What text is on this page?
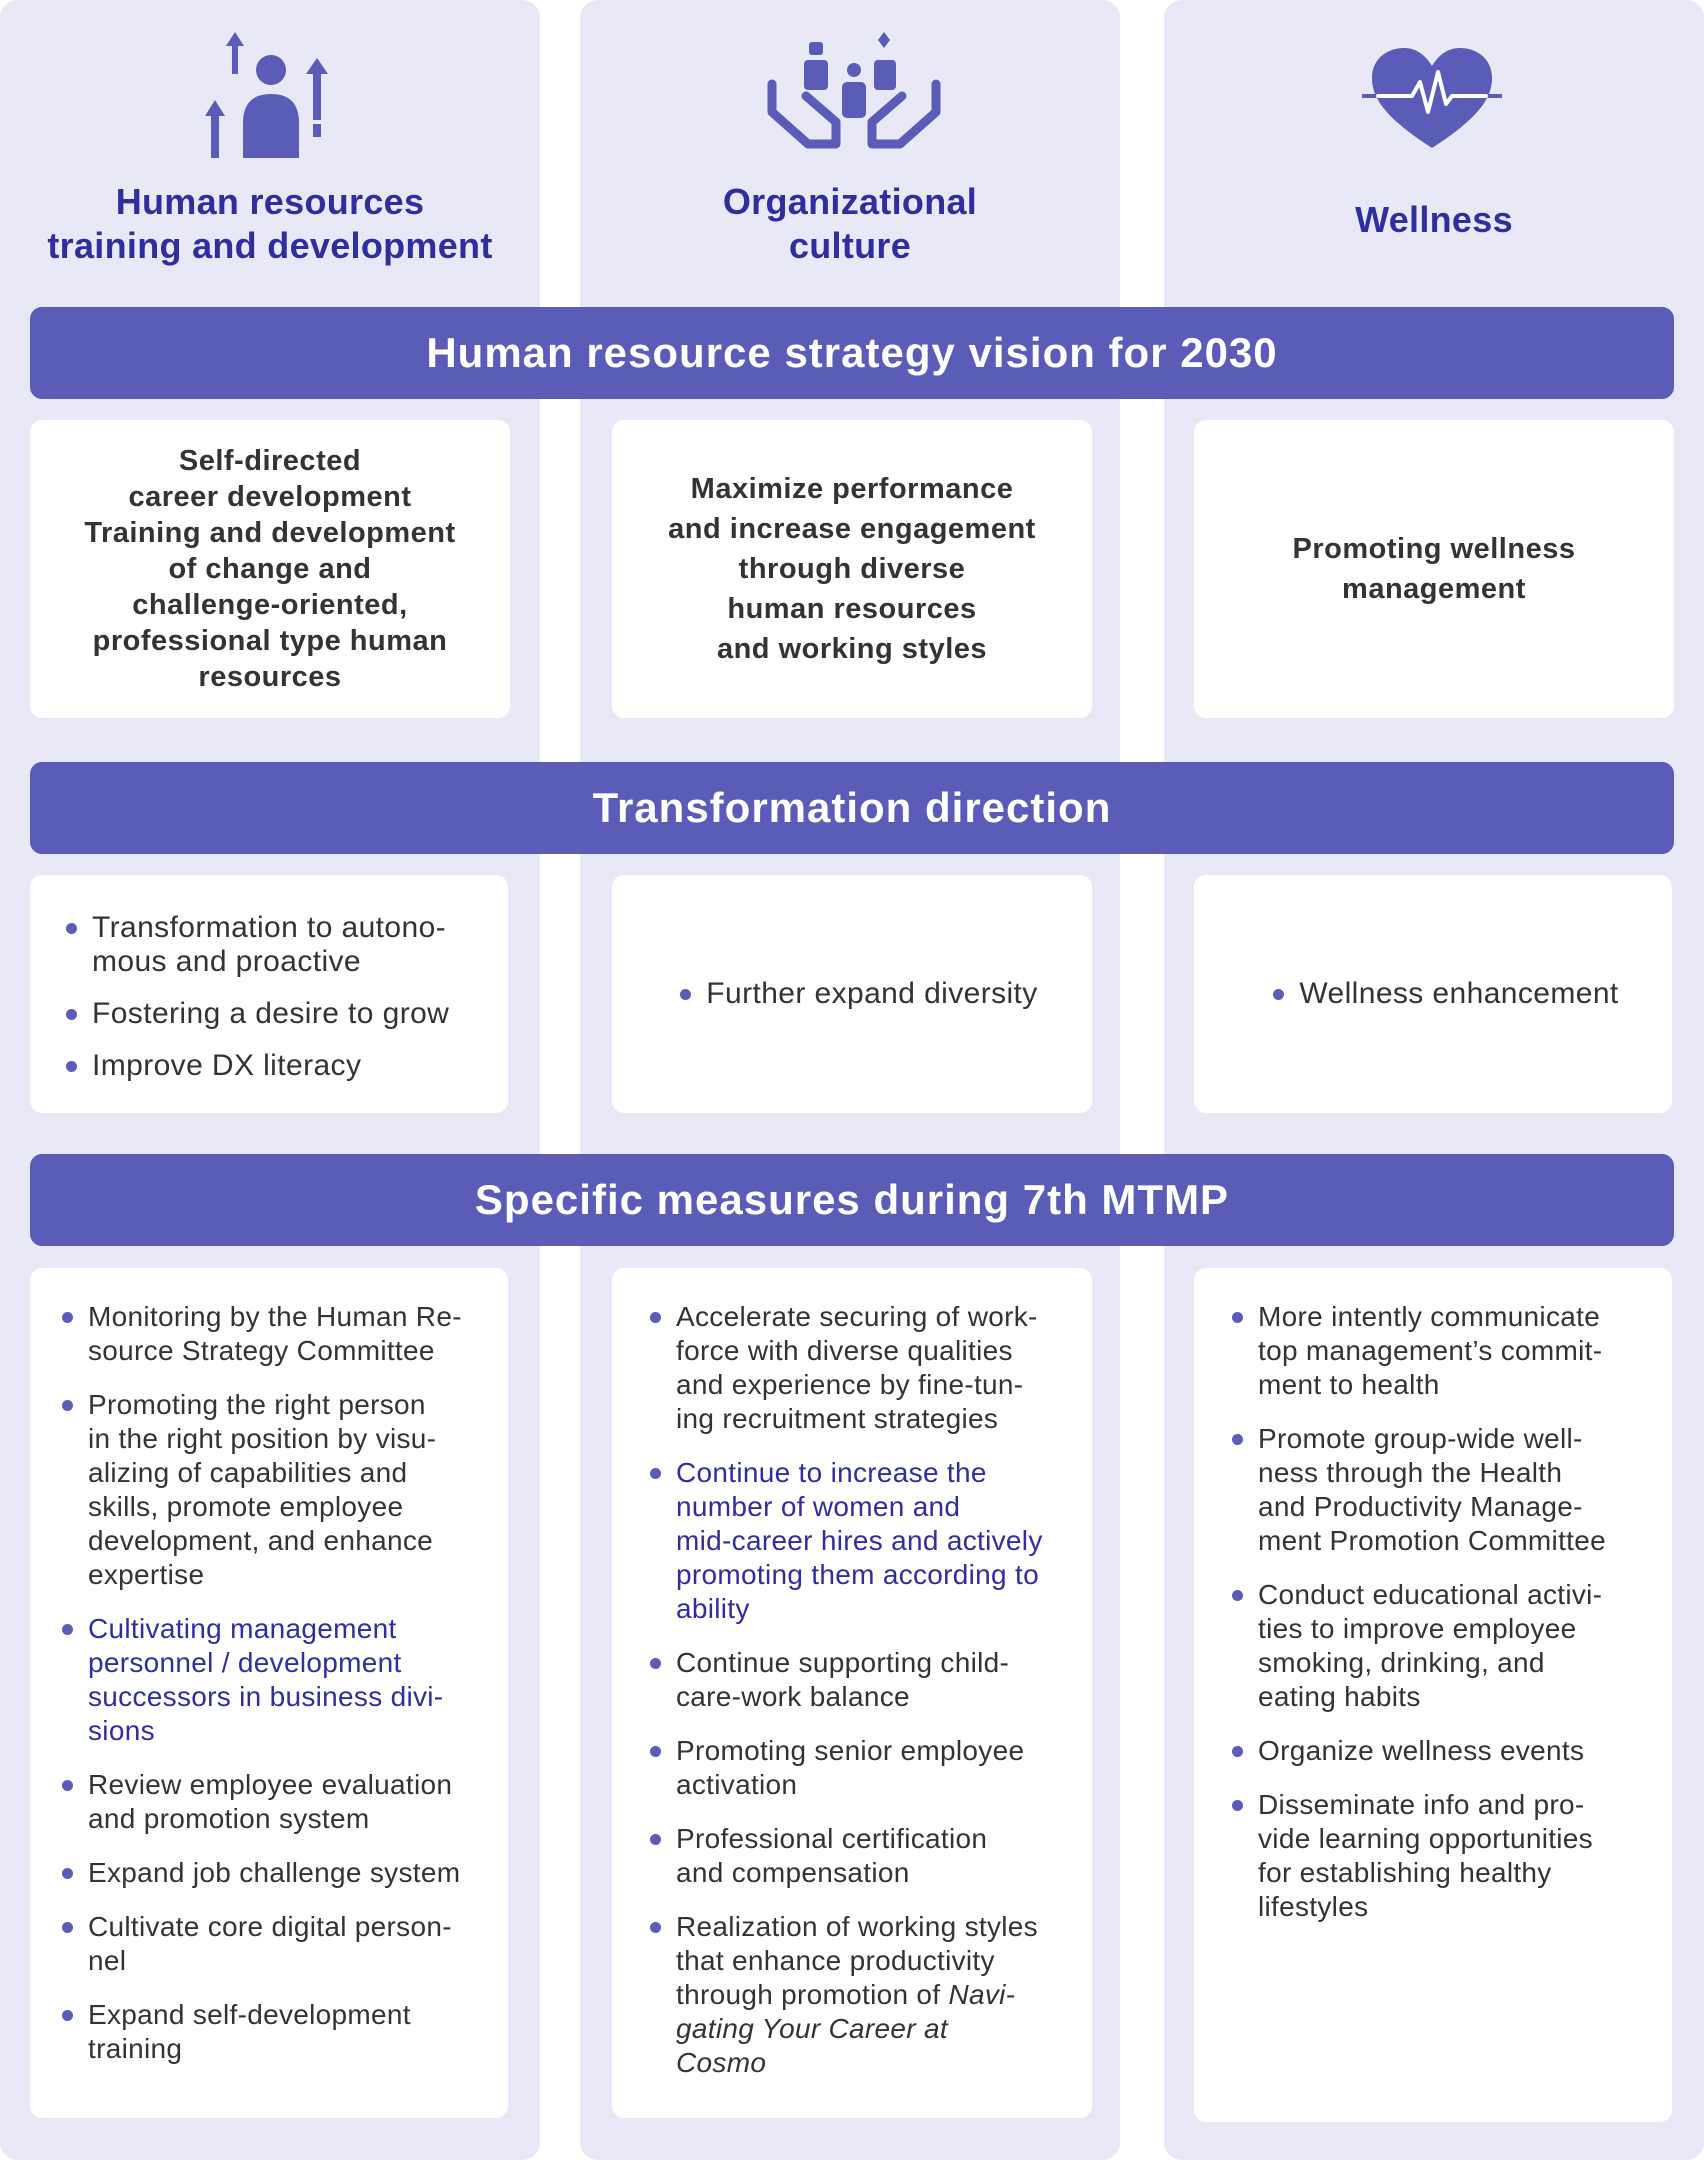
Human resources
training and development
Organizational
culture
Wellness
Human resource strategy vision for 2030
Self-directed
career development
Training and development
of change and
challenge-oriented,
professional type human
resources
Maximize performance
and increase engagement
through diverse
human resources
and working styles
Promoting wellness
management
Transformation direction
Transformation to autono-
mous and proactive
Fostering a desire to grow
Improve DX literacy
Further expand diversity	Wellness enhancement
Specific measures during 7th MTMP
Monitoring by the Human Re-
source Strategy Committee
Promoting the right person
in the right position by visu-
alizing of capabilities and
skills, promote employee
development, and enhance
expertise
Cultivating management
personnel / development
successors in business divi-
sions
Review employee evaluation
and promotion system
Expand job challenge system
Cultivate core digital person-
nel
Expand self-development
training
Accelerate securing of work-
force with diverse qualities
and experience by fine-tun-
ing recruitment strategies
Continue to increase the
number of women and
mid-career hires and actively
promoting them according to
ability
Continue supporting child-
care-work balance
Promoting senior employee
activation
Professional certification
and compensation
Realization of working styles
that enhance productivity
through promotion of Navi-
gating Your Career at
Cosmo
More intently communicate
top management’s commit-
ment to health
Promote group-wide well-
ness through the Health
and Productivity Manage-
ment Promotion Committee
Conduct educational activi-
ties to improve employee
smoking, drinking, and
eating habits
Organize wellness events
Disseminate info and pro-
vide learning opportunities
for establishing healthy
lifestyles
